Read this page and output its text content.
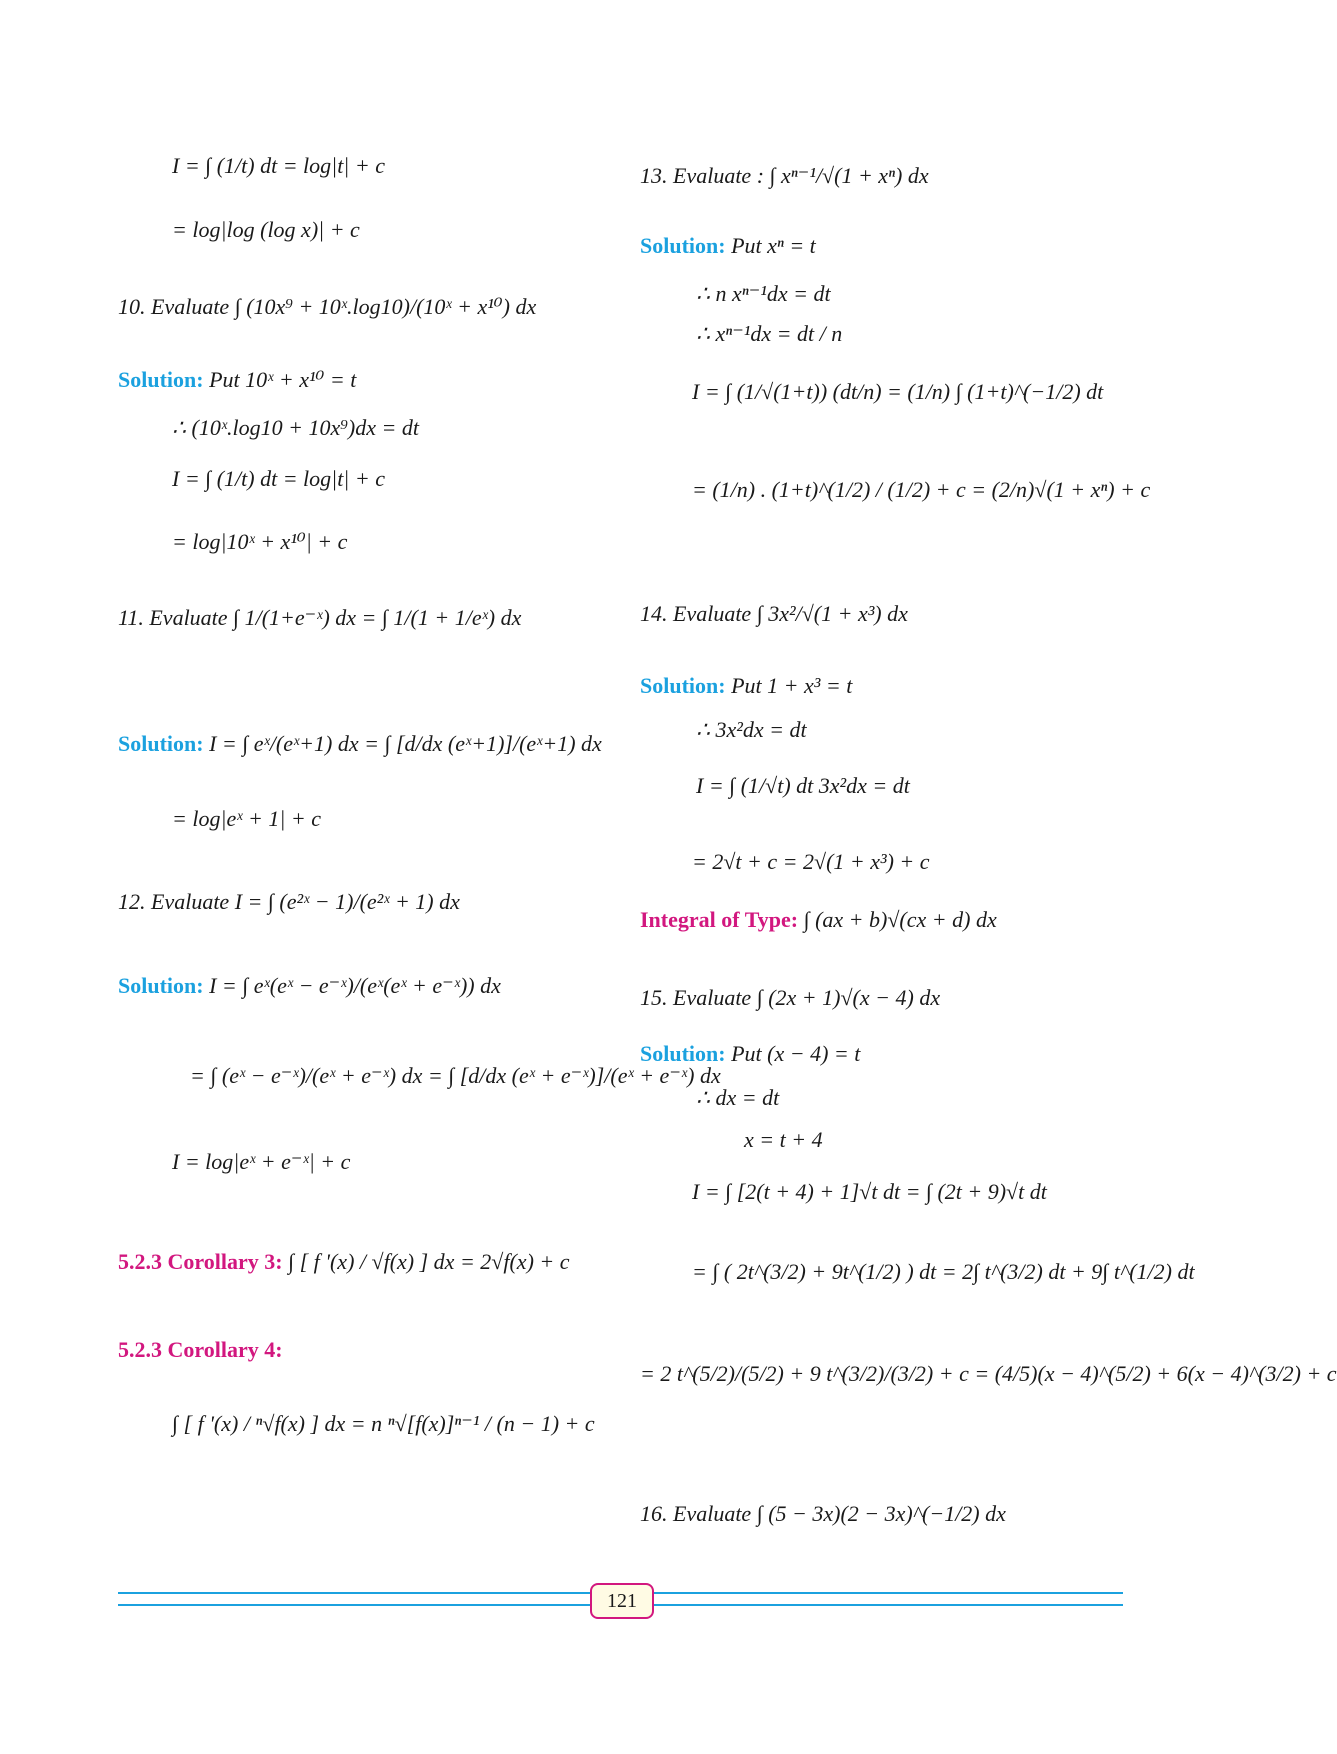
I = ∫ (1/t) dt = log|t| + c
= log|log (log x)| + c
10. Evaluate ∫ (10x⁹ + 10ˣ.log10)/(10ˣ + x¹⁰) dx
Solution: Put 10ˣ + x¹⁰ = t
∴ (10ˣ.log10 + 10x⁹)dx = dt
I = ∫ (1/t) dt = log|t| + c
= log|10ˣ + x¹⁰| + c
11. Evaluate ∫ 1/(1+e⁻ˣ) dx = ∫ 1/(1 + 1/eˣ) dx
Solution: I = ∫ eˣ/(eˣ+1) dx = ∫ [d/dx (eˣ+1)]/(eˣ+1) dx
= log|eˣ + 1| + c
12. Evaluate I = ∫ (e²ˣ − 1)/(e²ˣ + 1) dx
Solution: I = ∫ eˣ(eˣ − e⁻ˣ)/(eˣ(eˣ + e⁻ˣ)) dx
= ∫ (eˣ − e⁻ˣ)/(eˣ + e⁻ˣ) dx = ∫ [d/dx (eˣ + e⁻ˣ)]/(eˣ + e⁻ˣ) dx
I = log|eˣ + e⁻ˣ| + c
5.2.3 Corollary 3: ∫ [ f '(x) / √f(x) ] dx = 2√f(x) + c
5.2.3 Corollary 4:
∫ [ f '(x) / ⁿ√f(x) ] dx = n ⁿ√[f(x)]ⁿ⁻¹ / (n − 1) + c
13. Evaluate : ∫ xⁿ⁻¹/√(1 + xⁿ) dx
Solution: Put xⁿ = t
∴ n xⁿ⁻¹dx = dt
∴ xⁿ⁻¹dx = dt / n
I = ∫ (1/√(1+t)) (dt/n) = (1/n) ∫ (1+t)^(−1/2) dt
= (1/n) . (1+t)^(1/2) / (1/2) + c = (2/n)√(1 + xⁿ) + c
14. Evaluate ∫ 3x²/√(1 + x³) dx
Solution: Put 1 + x³ = t
∴ 3x²dx = dt
I = ∫ (1/√t) dt 3x²dx = dt
= 2√t + c = 2√(1 + x³) + c
Integral of Type: ∫ (ax + b)√(cx + d) dx
15. Evaluate ∫ (2x + 1)√(x − 4) dx
Solution: Put (x − 4) = t
∴ dx = dt
x = t + 4
I = ∫ [2(t + 4) + 1]√t dt = ∫ (2t + 9)√t dt
= ∫ ( 2t^(3/2) + 9t^(1/2) ) dt = 2∫ t^(3/2) dt + 9∫ t^(1/2) dt
= 2 t^(5/2)/(5/2) + 9 t^(3/2)/(3/2) + c = (4/5)(x − 4)^(5/2) + 6(x − 4)^(3/2) + c
16. Evaluate ∫ (5 − 3x)(2 − 3x)^(−1/2) dx
121
